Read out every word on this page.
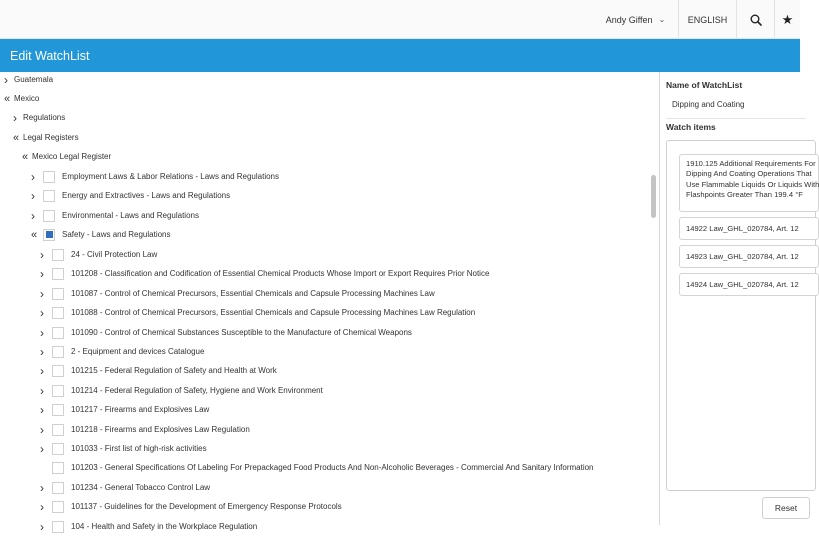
Andy Giffen ⌄	ENGLISH	★
Edit WatchList
› Guatemala
« Mexico
› Regulations
« Legal Registers
« Mexico Legal Register
›	Employment Laws & Labor Relations - Laws and Regulations
›	Energy and Extractives - Laws and Regulations
›	Environmental - Laws and Regulations
«	Safety - Laws and Regulations
›	24 - Civil Protection Law
›	101208 - Classification and Codification of Essential Chemical Products Whose Import or Export Requires Prior Notice
›	101087 - Control of Chemical Precursors, Essential Chemicals and Capsule Processing Machines Law
›	101088 - Control of Chemical Precursors, Essential Chemicals and Capsule Processing Machines Law Regulation
›	101090 - Control of Chemical Substances Susceptible to the Manufacture of Chemical Weapons
›	2 - Equipment and devices Catalogue
›	101215 - Federal Regulation of Safety and Health at Work
›	101214 - Federal Regulation of Safety, Hygiene and Work Environment
›	101217 - Firearms and Explosives Law
›	101218 - Firearms and Explosives Law Regulation
›	101033 - First list of high-risk activities
101203 - General Specifications Of Labeling For Prepackaged Food Products And Non-Alcoholic Beverages - Commercial And Sanitary Information
›	101234 - General Tobacco Control Law
›	101137 - Guidelines for the Development of Emergency Response Protocols
›	104 - Health and Safety in the Workplace Regulation
Name of WatchList
Dipping and Coating
Watch items
1910.125 Additional Requirements For
Dipping And Coating Operations That
Use Flammable Liquids Or Liquids With
Flashpoints Greater Than 199.4 °F
14922 Law_GHL_020784, Art. 12
14923 Law_GHL_020784, Art. 12
14924 Law_GHL_020784, Art. 12
Reset
